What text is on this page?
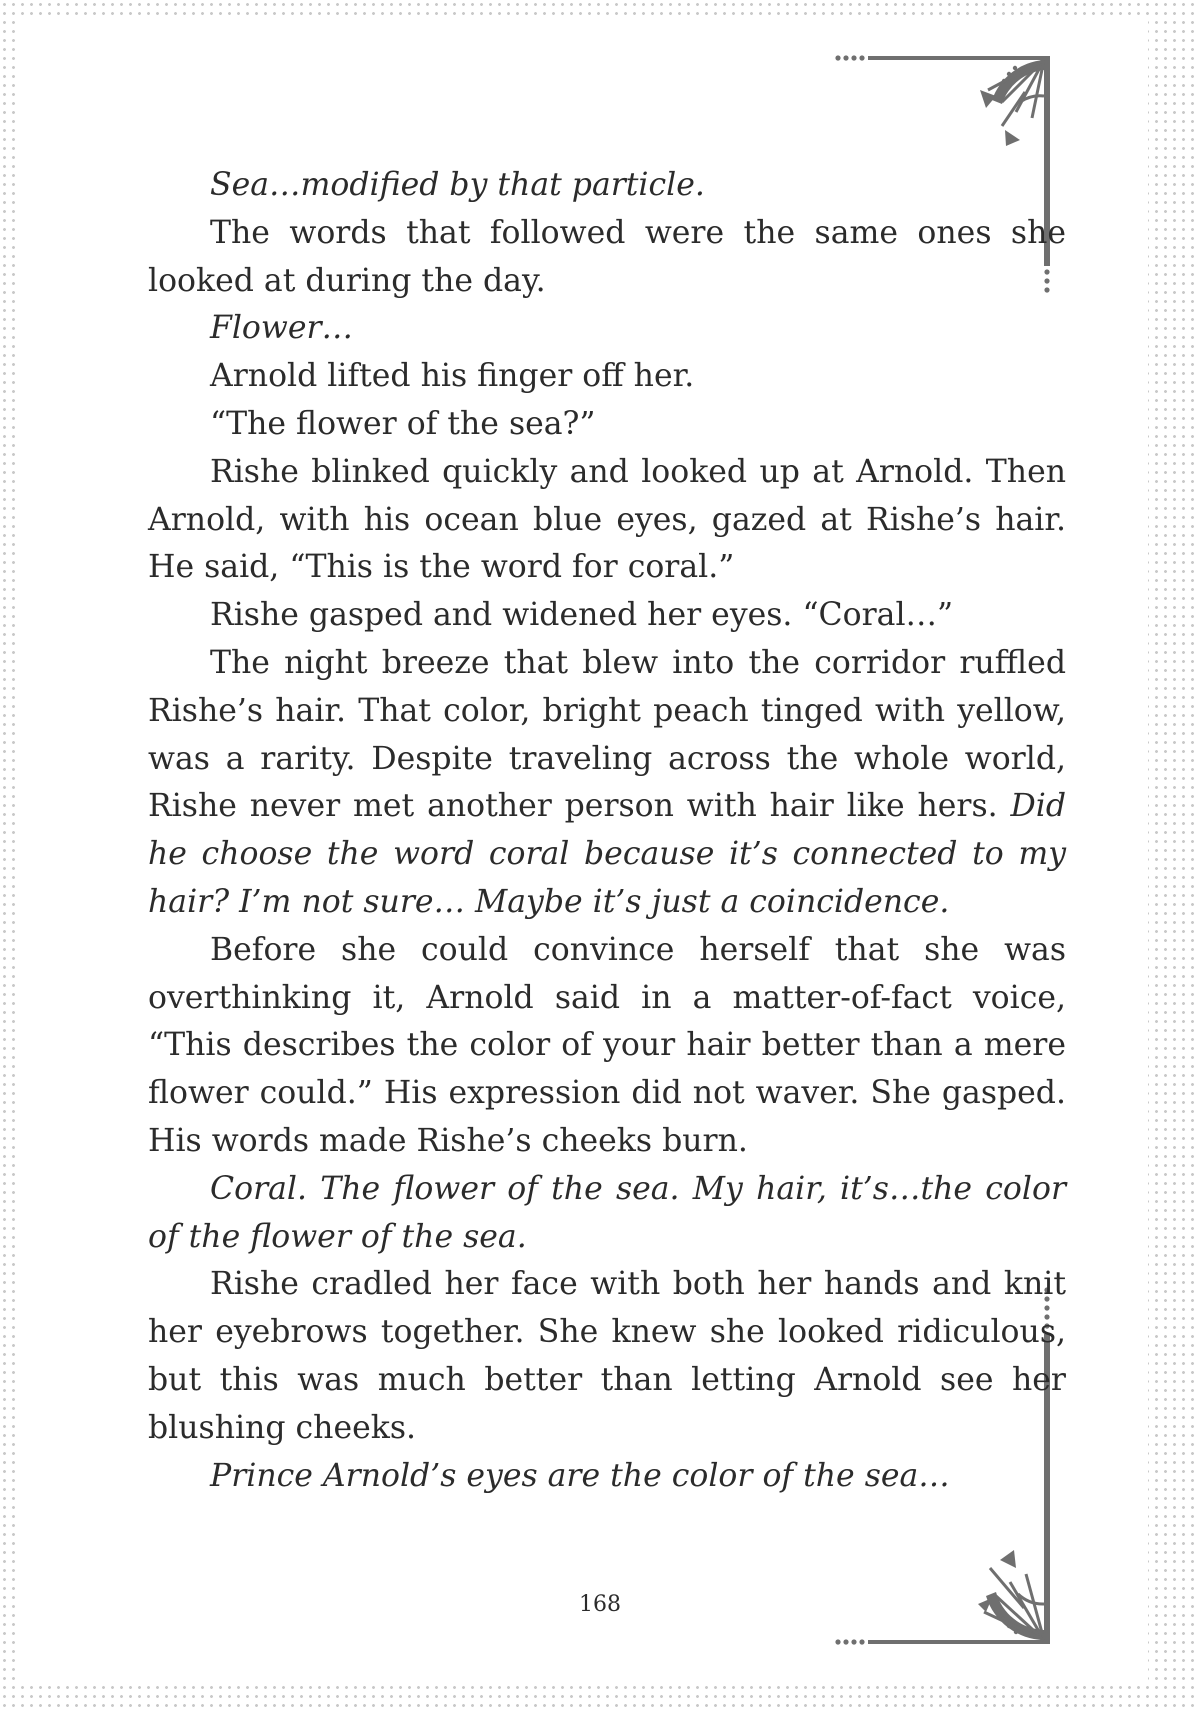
Sea…modified by that particle.

The words that followed were the same ones she looked at during the day.

Flower…

Arnold lifted his finger off her.

“The flower of the sea?”

Rishe blinked quickly and looked up at Arnold. Then Arnold, with his ocean blue eyes, gazed at Rishe’s hair. He said, “This is the word for coral.”

Rishe gasped and widened her eyes. “Coral…”

The night breeze that blew into the corridor ruffled Rishe’s hair. That color, bright peach tinged with yellow, was a rarity. Despite traveling across the whole world, Rishe never met another person with hair like hers. Did he choose the word coral because it’s connected to my hair? I’m not sure… Maybe it’s just a coincidence.

Before she could convince herself that she was overthinking it, Arnold said in a matter-of-fact voice, “This describes the color of your hair better than a mere flower could.” His expression did not waver. She gasped. His words made Rishe’s cheeks burn.

Coral. The flower of the sea. My hair, it’s…the color of the flower of the sea.

Rishe cradled her face with both her hands and knit her eyebrows together. She knew she looked ridiculous, but this was much better than letting Arnold see her blushing cheeks.

Prince Arnold’s eyes are the color of the sea…

168
